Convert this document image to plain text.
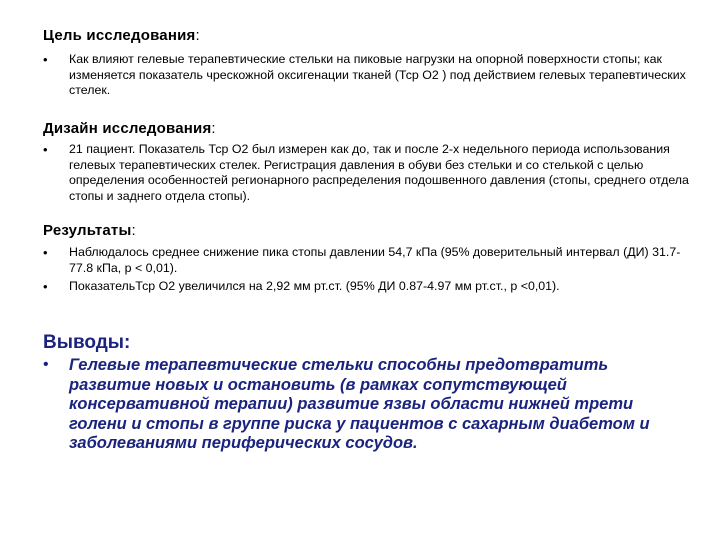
Цель исследования:
•	Как влияют гелевые терапевтические стельки на пиковые нагрузки на опорной поверхности стопы; как изменяется показатель чрескожной оксигенации тканей (Тср О2 ) под действием гелевых терапевтических стелек.
Дизайн исследования:
•	21 пациент. Показатель Тср О2 был измерен как до, так и после 2-х недельного периода использования гелевых терапевтических стелек. Регистрация давления в обуви без стельки и со стелькой с целью определения особенностей регионарного распределения подошвенного давления (стопы, среднего отдела стопы и заднего отдела стопы).
Результаты:
•	Наблюдалось среднее снижение пика стопы давлении 54,7 кПа (95% доверительный интервал (ДИ) 31.7-77.8 кПа, р < 0,01).
•	ПоказательТср О2 увеличился на 2,92 мм рт.ст. (95% ДИ 0.87-4.97 мм рт.ст., р <0,01).
Выводы:
•	Гелевые терапевтические стельки способны предотвратить развитие новых и остановить (в рамках сопутствующей консервативной терапии) развитие язвы области нижней трети голени и стопы в группе риска у пациентов с сахарным диабетом и заболеваниями периферических сосудов.
